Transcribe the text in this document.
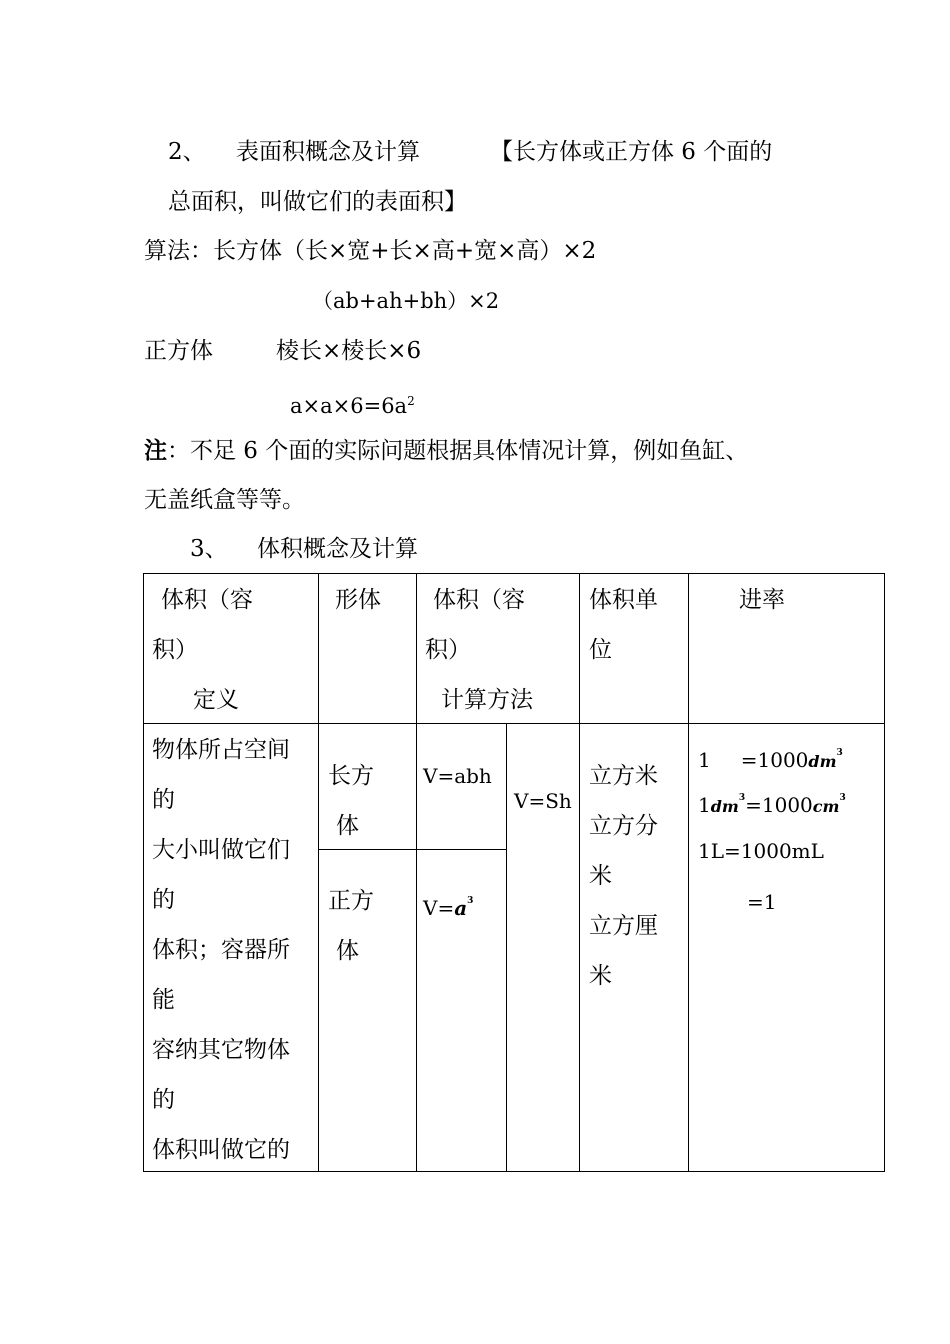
2、 表面积概念及计算	【长方体或正方体 6 个面的
总面积，叫做它们的表面积】
算法：长方体（长×宽+长×高+宽×高）×2
（ab+ah+bh）×2
正方体	棱长×棱长×6
$a\times a\times 6=6a^2$
注：不足 6 个面的实际问题根据具体情况计算，例如鱼缸、
无盖纸盒等等。
3、 体积概念及计算
体积（容
积）
定义
形体 体积（容
积）
计算方法
体积单
位
进率
物体所占空间
的
大小叫做它们
的
体积；容器所
能
容纳其它物体
的
体积叫做它的
长方
体
正方
体
V=abh
$V=a^3$
V=Sh
立方米
立方分
米
立方厘
米
$1 =1000dm^3$
$1dm^3=1000cm^3$
1L=1000mL
=1
